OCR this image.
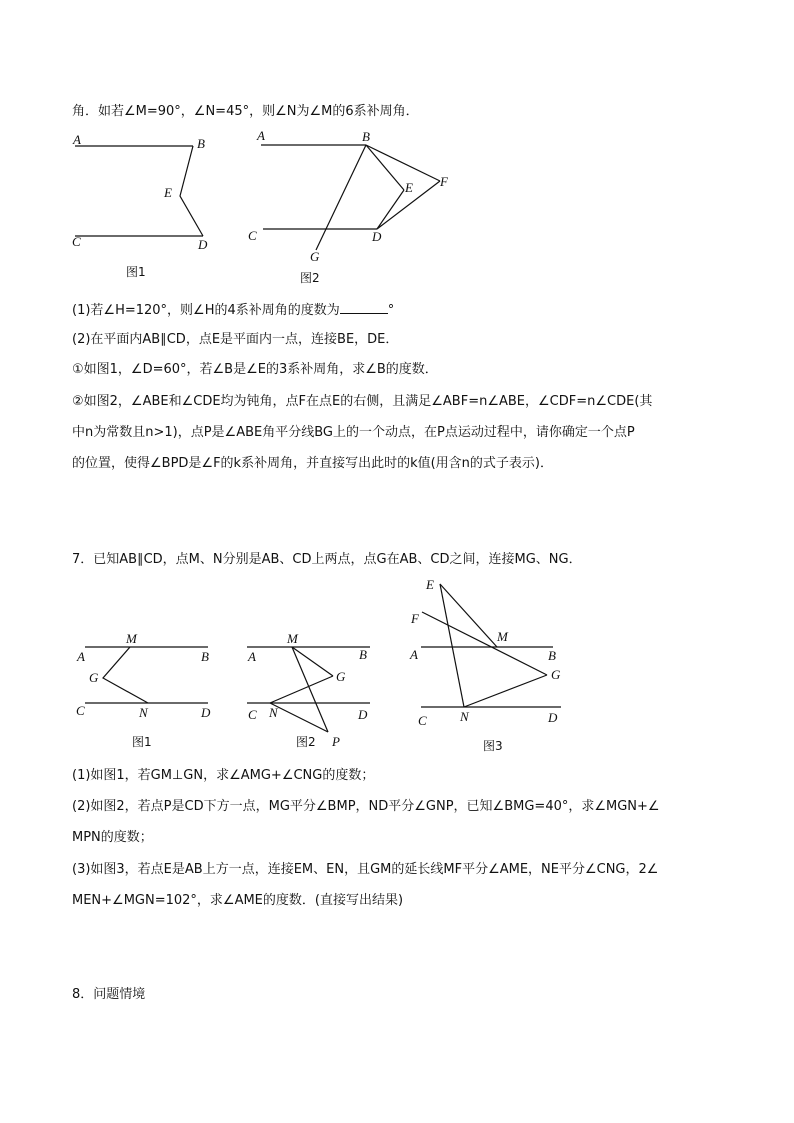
角．如若∠M=90°，∠N=45°，则∠N为∠M的6系补周角．
A	B
E
C	D
图1
A	B
E F
C	D
G
图2
(1)若∠H=120°，则∠H的4系补周角的度数为	°
(2)在平面内AB∥CD，点E是平面内一点，连接BE，DE．
①如图1，∠D=60°，若∠B是∠E的3系补周角，求∠B的度数．
②如图2，∠ABE和∠CDE均为钝角，点F在点E的右侧，且满足∠ABF=n∠ABE，∠CDF=n∠CDE(其
中n为常数且n>1)，点P是∠ABE角平分线BG上的一个动点，在P点运动过程中，请你确定一个点P
的位置，使得∠BPD是∠F的k系补周角，并直接写出此时的k值(用含n的式子表示)．
7．已知AB∥CD，点M、N分别是AB、CD上两点，点G在AB、CD之间，连接MG、NG．
M
A	B
G
C	N	D
图1
M
A	B
G
C N	D
P
图2
E
F
M
A	B
G
C	N	D
图3
(1)如图1，若GM⊥GN，求∠AMG+∠CNG的度数；
(2)如图2，若点P是CD下方一点，MG平分∠BMP，ND平分∠GNP，已知∠BMG=40°，求∠MGN+∠
MPN的度数；
(3)如图3，若点E是AB上方一点，连接EM、EN，且GM的延长线MF平分∠AME，NE平分∠CNG，2∠
MEN+∠MGN=102°，求∠AME的度数．(直接写出结果)
8．问题情境
